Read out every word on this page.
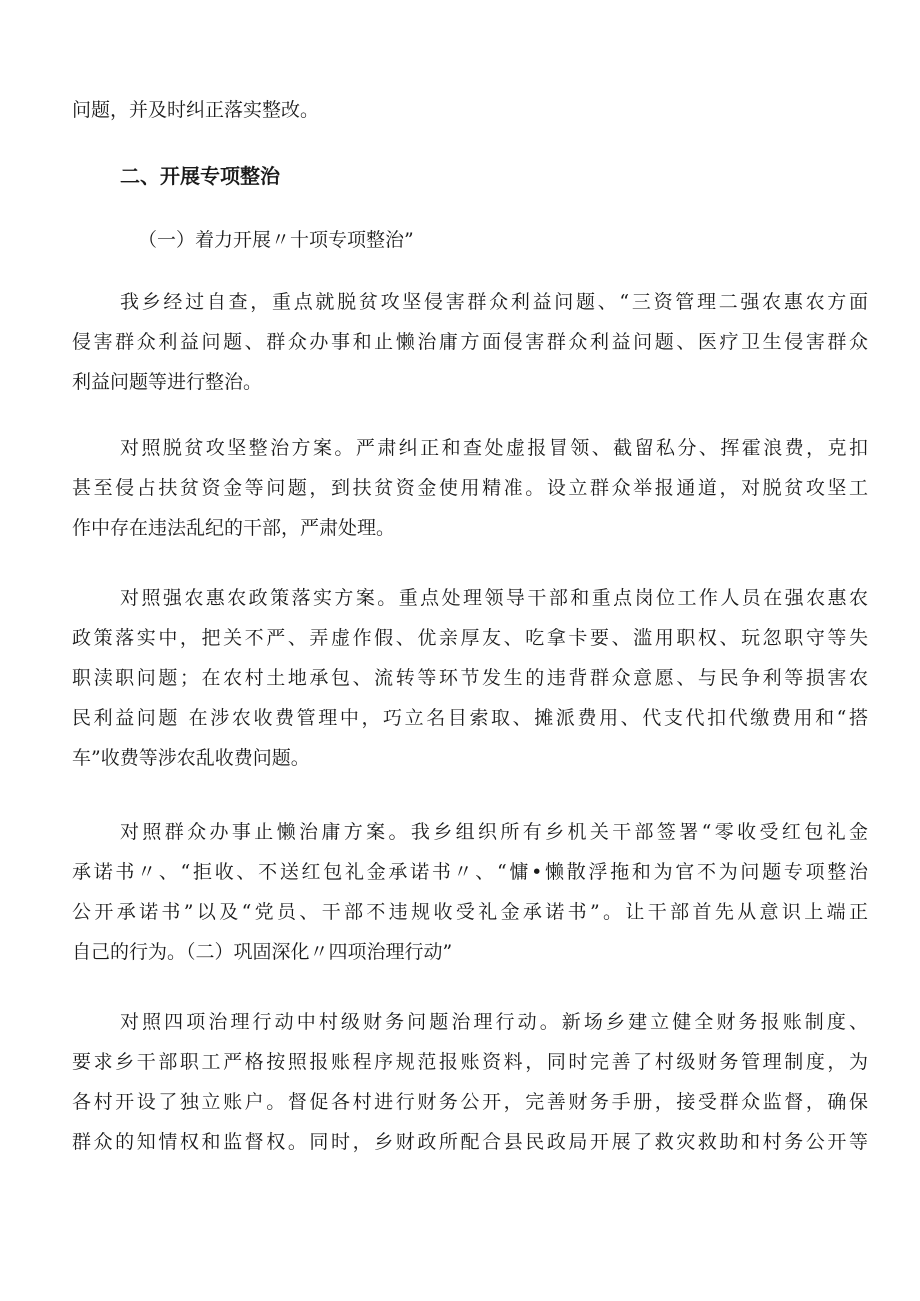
问题，并及时纠正落实整改。
二、开展专项整治
（一）着力开展〃十项专项整治”
我乡经过自查，重点就脱贫攻坚侵害群众利益问题、“三资管理二强农惠农方面
侵害群众利益问题、群众办事和止懒治庸方面侵害群众利益问题、医疗卫生侵害群众
利益问题等进行整治。
对照脱贫攻坚整治方案。严肃纠正和查处虚报冒领、截留私分、挥霍浪费，克扣
甚至侵占扶贫资金等问题，到扶贫资金使用精准。设立群众举报通道，对脱贫攻坚工
作中存在违法乱纪的干部，严肃处理。
对照强农惠农政策落实方案。重点处理领导干部和重点岗位工作人员在强农惠农
政策落实中，把关不严、弄虚作假、优亲厚友、吃拿卡要、滥用职权、玩忽职守等失
职渎职问题；在农村土地承包、流转等环节发生的违背群众意愿、与民争利等损害农
民利益问题 在涉农收费管理中，巧立名目索取、摊派费用、代支代扣代缴费用和“搭
车”收费等涉农乱收费问题。
对照群众办事止懒治庸方案。我乡组织所有乡机关干部签署“零收受红包礼金
承诺书〃、“拒收、不送红包礼金承诺书〃、“慵•懒散浮拖和为官不为问题专项整治
公开承诺书”以及“党员、干部不违规收受礼金承诺书”。让干部首先从意识上端正
自己的行为。（二）巩固深化〃四项治理行动”
对照四项治理行动中村级财务问题治理行动。新场乡建立健全财务报账制度、
要求乡干部职工严格按照报账程序规范报账资料，同时完善了村级财务管理制度，为
各村开设了独立账户。督促各村进行财务公开，完善财务手册，接受群众监督，确保
群众的知情权和监督权。同时，乡财政所配合县民政局开展了救灾救助和村务公开等
